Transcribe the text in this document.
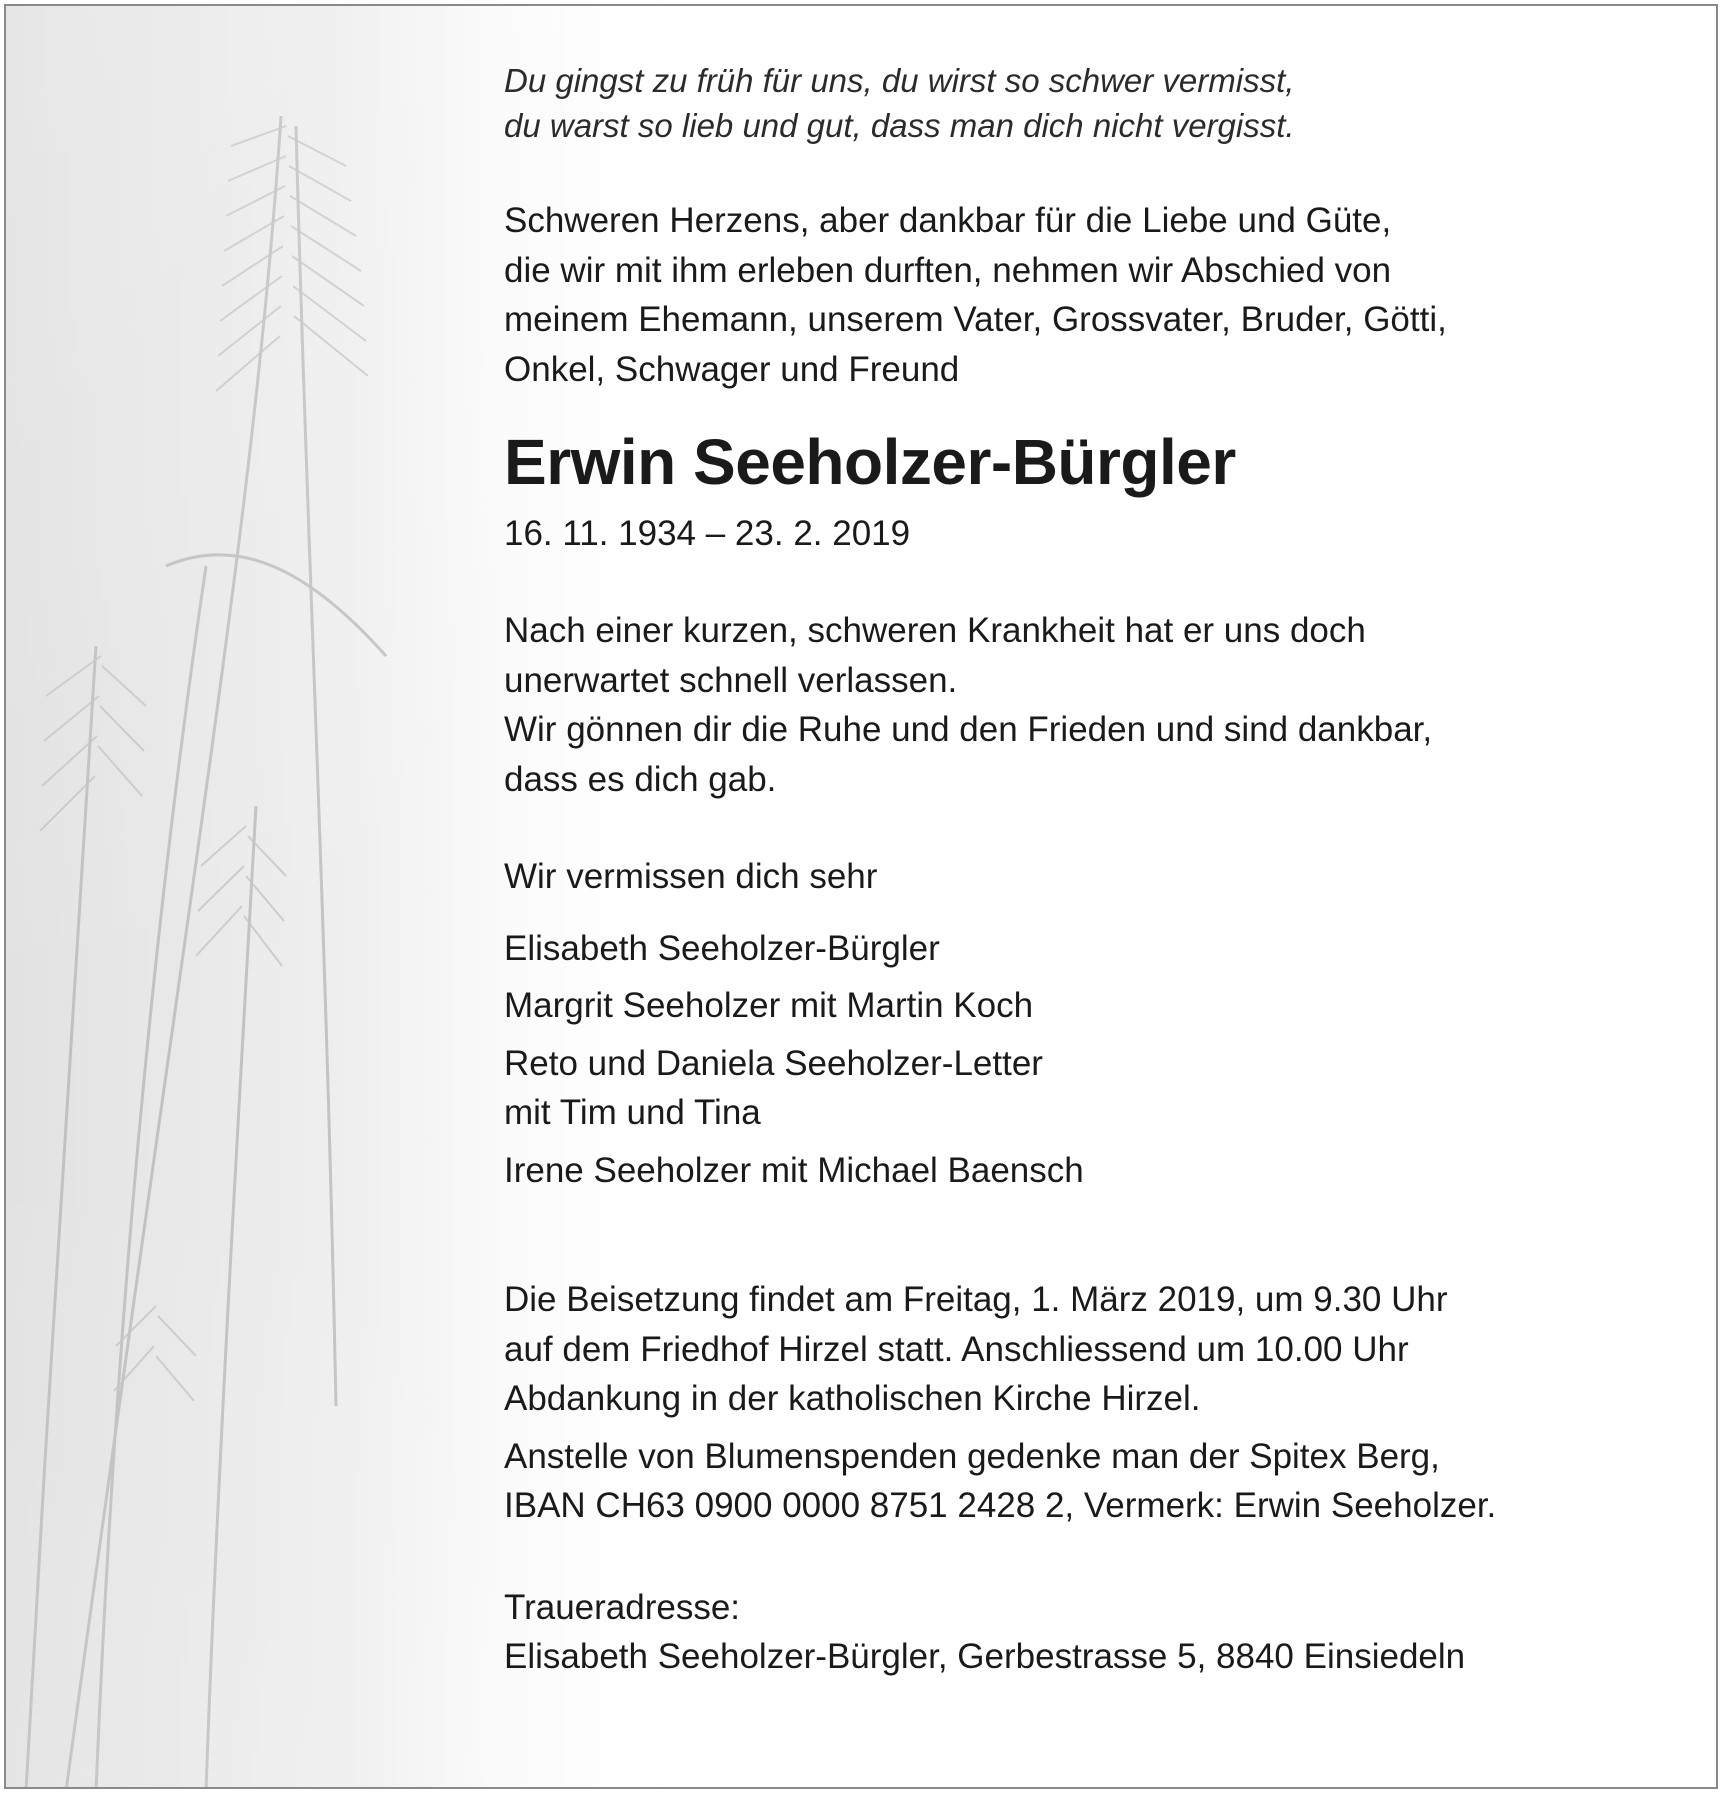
Du gingst zu früh für uns, du wirst so schwer vermisst,
du warst so lieb und gut, dass man dich nicht vergisst.
Schweren Herzens, aber dankbar für die Liebe und Güte,
die wir mit ihm erleben durften, nehmen wir Abschied von
meinem Ehemann, unserem Vater, Grossvater, Bruder, Götti,
Onkel, Schwager und Freund
Erwin Seeholzer-Bürgler
16. 11. 1934 – 23. 2. 2019
Nach einer kurzen, schweren Krankheit hat er uns doch
unerwartet schnell verlassen.
Wir gönnen dir die Ruhe und den Frieden und sind dankbar,
dass es dich gab.
Wir vermissen dich sehr
Elisabeth Seeholzer-Bürgler
Margrit Seeholzer mit Martin Koch
Reto und Daniela Seeholzer-Letter
mit Tim und Tina
Irene Seeholzer mit Michael Baensch
Die Beisetzung findet am Freitag, 1. März 2019, um 9.30 Uhr
auf dem Friedhof Hirzel statt. Anschliessend um 10.00 Uhr
Abdankung in der katholischen Kirche Hirzel.
Anstelle von Blumenspenden gedenke man der Spitex Berg,
IBAN CH63 0900 0000 8751 2428 2, Vermerk: Erwin Seeholzer.
Traueradresse:
Elisabeth Seeholzer-Bürgler, Gerbestrasse 5, 8840 Einsiedeln
